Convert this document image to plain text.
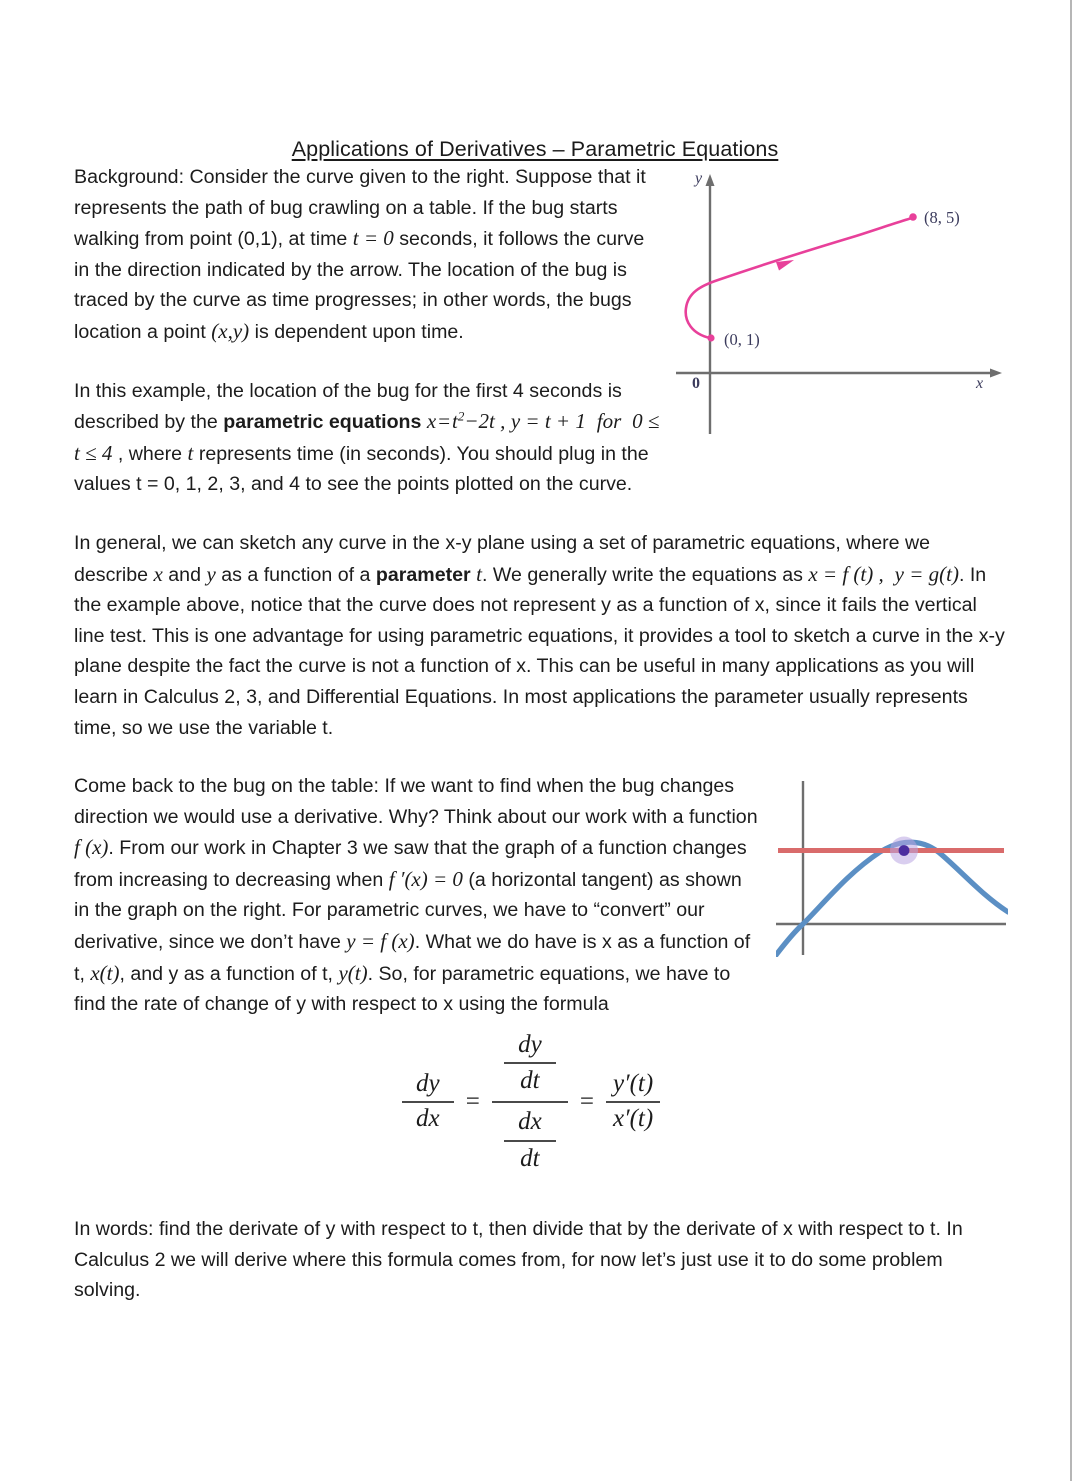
Applications of Derivatives – Parametric Equations
y
x
0
(0, 1)
(8, 5)

Background: Consider the curve given to the right. Suppose that it represents the path of bug crawling on a table. If the bug starts walking from point (0,1), at time t = 0 seconds, it follows the curve in the direction indicated by the arrow. The location of the bug is traced by the curve as time progresses; in other words, the bugs location a point (x,y) is dependent upon time.

In this example, the location of the bug for the first 4 seconds is described by the parametric equations $x=t^2-2t$ , y = t + 1 for 0 ≤ t ≤ 4 , where t represents time (in seconds). You should plug in the values t = 0, 1, 2, 3, and 4 to see the points plotted on the curve.

In general, we can sketch any curve in the x-y plane using a set of parametric equations, where we describe x and y as a function of a parameter t. We generally write the equations as x = f (t) , y = g(t). In the example above, notice that the curve does not represent y as a function of x, since it fails the vertical line test. This is one advantage for using parametric equations, it provides a tool to sketch a curve in the x-y plane despite the fact the curve is not a function of x. This can be useful in many applications as you will learn in Calculus 2, 3, and Differential Equations. In most applications the parameter usually represents time, so we use the variable t.

Come back to the bug on the table: If we want to find when the bug changes direction we would use a derivative. Why? Think about our work with a function f (x). From our work in Chapter 3 we saw that the graph of a function changes from increasing to decreasing when f ′(x) = 0 (a horizontal tangent) as shown in the graph on the right. For parametric curves, we have to “convert” our derivative, since we don’t have y = f (x). What we do have is x as a function of t, x(t), and y as a function of t, y(t). So, for parametric equations, we have to find the rate of change of y with respect to x using the formula

$\frac{dy}{dx} = \frac{\frac{dy}{dt}}{\frac{dx}{dt}} = \frac{y'(t)}{x'(t)}$

In words: find the derivate of y with respect to t, then divide that by the derivate of x with respect to t. In Calculus 2 we will derive where this formula comes from, for now let’s just use it to do some problem solving.
